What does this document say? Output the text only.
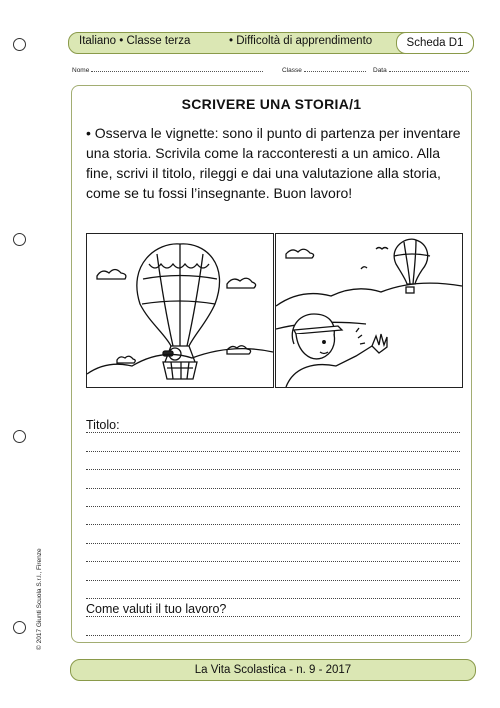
Italiano • Classe terza	• Difficoltà di apprendimento	Scheda D1
Nome	Classe	Data
SCRIVERE UNA STORIA/1
• Osserva le vignette: sono il punto di partenza per inventare una storia. Scrivila come la racconteresti a un amico. Alla fine, scrivi il titolo, rileggi e dai una valutazione alla storia, come se tu fossi l’insegnante. Buon lavoro!
Titolo:
Come valuti il tuo lavoro?
La Vita Scolastica - n. 9 - 2017
© 2017 Giunti Scuola S.r.l., Firenze
